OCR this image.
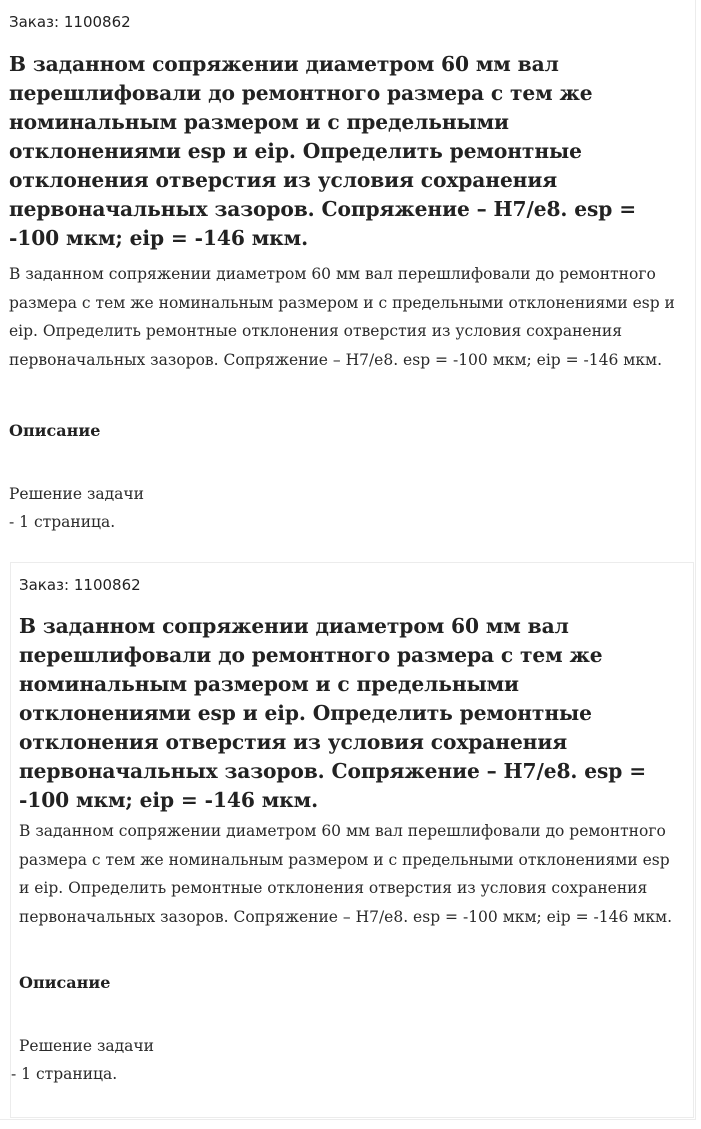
Заказ: 1100862

В заданном сопряжении диаметром 60 мм вал перешлифовали до ремонтного размера с тем же номинальным размером и с предельными отклонениями esp и eip. Определить ремонтные отклонения отверстия из условия сохранения первоначальных зазоров. Сопряжение – H7/e8. esp = -100 мкм; eip = -146 мкм.

В заданном сопряжении диаметром 60 мм вал перешлифовали до ремонтного размера с тем же номинальным размером и с предельными отклонениями esp и eip. Определить ремонтные отклонения отверстия из условия сохранения первоначальных зазоров. Сопряжение – H7/e8. esp = -100 мкм; eip = -146 мкм.

Описание

Решение задачи

- 1 страница.

Заказ: 1100862

В заданном сопряжении диаметром 60 мм вал перешлифовали до ремонтного размера с тем же номинальным размером и с предельными отклонениями esp и eip. Определить ремонтные отклонения отверстия из условия сохранения первоначальных зазоров. Сопряжение – H7/e8. esp = -100 мкм; eip = -146 мкм.

В заданном сопряжении диаметром 60 мм вал перешлифовали до ремонтного размера с тем же номинальным размером и с предельными отклонениями esp и eip. Определить ремонтные отклонения отверстия из условия сохранения первоначальных зазоров. Сопряжение – H7/e8. esp = -100 мкм; eip = -146 мкм.

Описание

Решение задачи

- 1 страница.
